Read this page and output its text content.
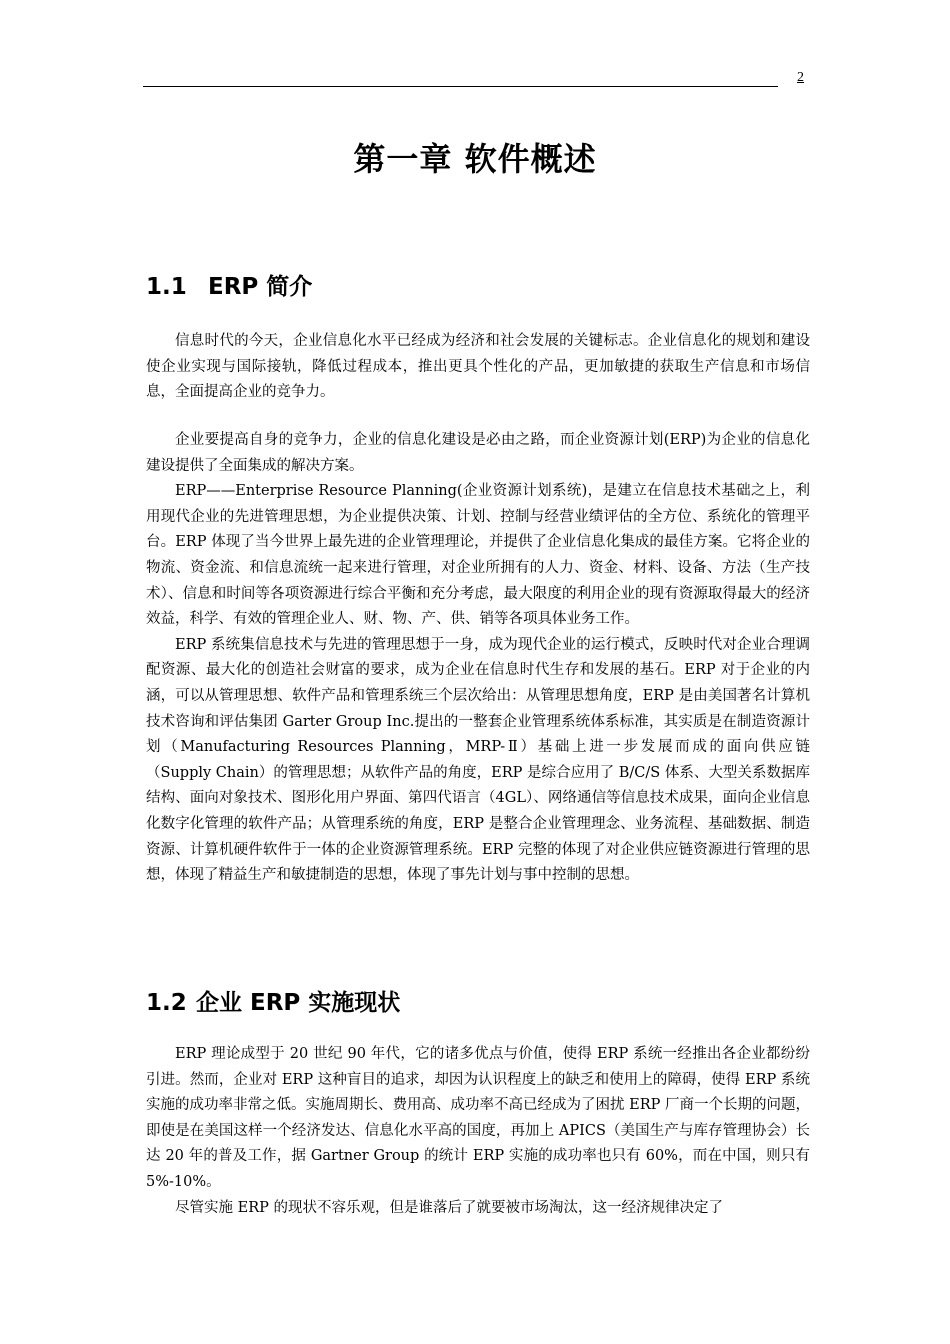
2
第一章 软件概述
1.1 ERP 简介

信息时代的今天，企业信息化水平已经成为经济和社会发展的关键标志。企业信息化的规划和建设使企业实现与国际接轨，降低过程成本，推出更具个性化的产品，更加敏捷的获取生产信息和市场信息，全面提高企业的竞争力。

企业要提高自身的竞争力，企业的信息化建设是必由之路，而企业资源计划(ERP)为企业的信息化建设提供了全面集成的解决方案。

ERP——Enterprise Resource Planning(企业资源计划系统)，是建立在信息技术基础之上，利用现代企业的先进管理思想，为企业提供决策、计划、控制与经营业绩评估的全方位、系统化的管理平台。ERP 体现了当今世界上最先进的企业管理理论，并提供了企业信息化集成的最佳方案。它将企业的物流、资金流、和信息流统一起来进行管理，对企业所拥有的人力、资金、材料、设备、方法（生产技术）、信息和时间等各项资源进行综合平衡和充分考虑，最大限度的利用企业的现有资源取得最大的经济效益，科学、有效的管理企业人、财、物、产、供、销等各项具体业务工作。

ERP 系统集信息技术与先进的管理思想于一身，成为现代企业的运行模式，反映时代对企业合理调配资源、最大化的创造社会财富的要求，成为企业在信息时代生存和发展的基石。ERP 对于企业的内涵，可以从管理思想、软件产品和管理系统三个层次给出：从管理思想角度，ERP 是由美国著名计算机技术咨询和评估集团 Garter Group Inc.提出的一整套企业管理系统体系标准，其实质是在制造资源计划（Manufacturing Resources Planning，MRP-Ⅱ）基础上进一步发展而成的面向供应链（Supply Chain）的管理思想；从软件产品的角度，ERP 是综合应用了 B/C/S 体系、大型关系数据库结构、面向对象技术、图形化用户界面、第四代语言（4GL）、网络通信等信息技术成果，面向企业信息化数字化管理的软件产品；从管理系统的角度，ERP 是整合企业管理理念、业务流程、基础数据、制造资源、计算机硬件软件于一体的企业资源管理系统。ERP 完整的体现了对企业供应链资源进行管理的思想，体现了精益生产和敏捷制造的思想，体现了事先计划与事中控制的思想。

1.2 企业 ERP 实施现状

ERP 理论成型于 20 世纪 90 年代，它的诸多优点与价值，使得 ERP 系统一经推出各企业都纷纷引进。然而，企业对 ERP 这种盲目的追求，却因为认识程度上的缺乏和使用上的障碍，使得 ERP 系统实施的成功率非常之低。实施周期长、费用高、成功率不高已经成为了困扰 ERP 厂商一个长期的问题，即使是在美国这样一个经济发达、信息化水平高的国度，再加上 APICS（美国生产与库存管理协会）长达 20 年的普及工作，据 Gartner Group 的统计 ERP 实施的成功率也只有 60%，而在中国，则只有 5%-10%。

尽管实施 ERP 的现状不容乐观，但是谁落后了就要被市场淘汰，这一经济规律决定了
